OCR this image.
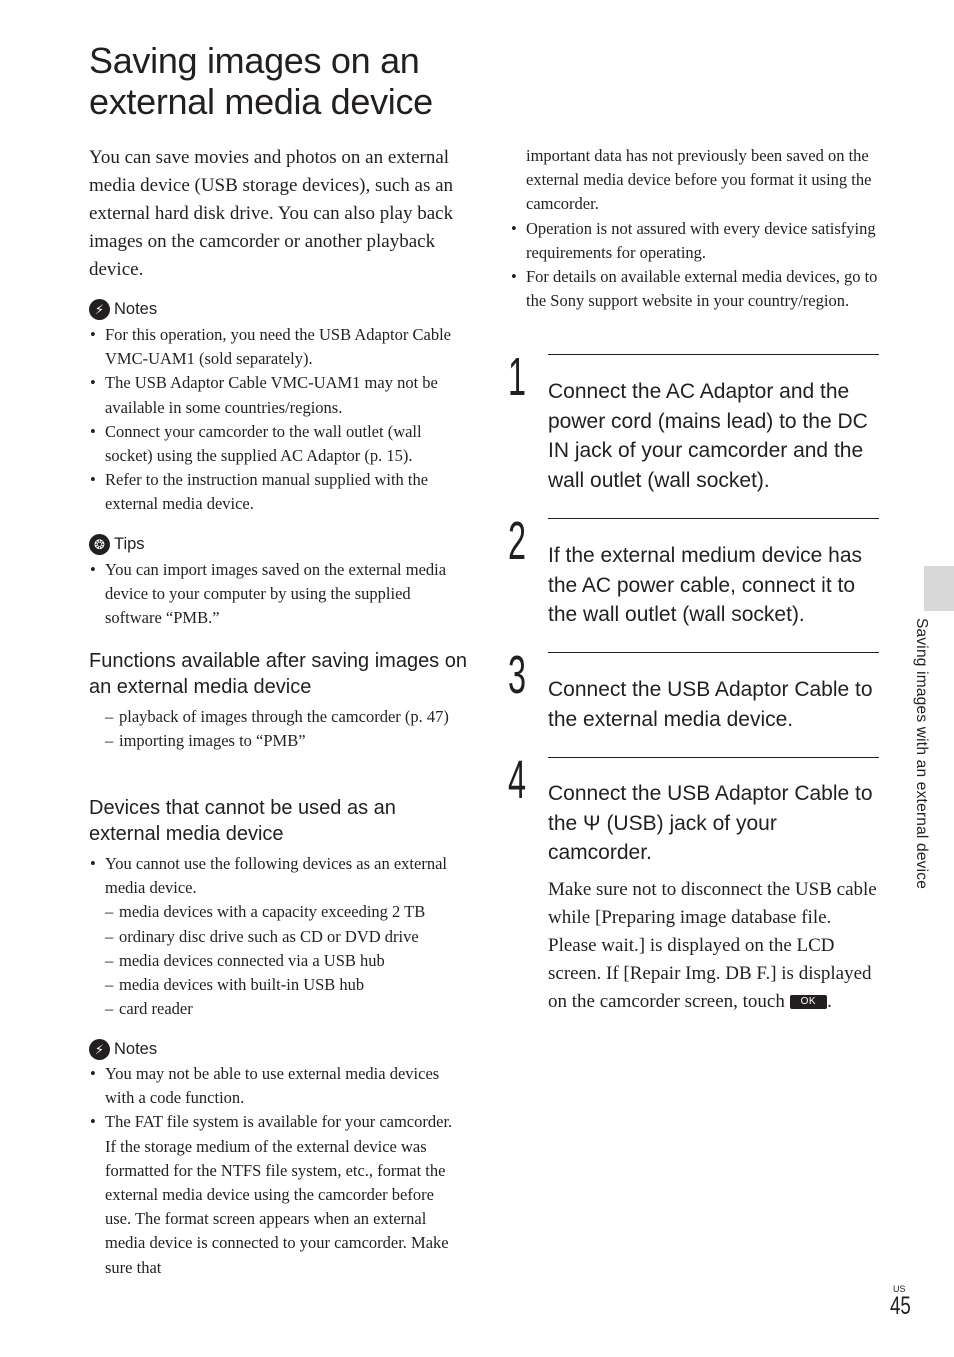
Saving images on an external media device

You can save movies and photos on an external media device (USB storage devices), such as an external hard disk drive. You can also play back images on the camcorder or another playback device.

⚡ Notes
• For this operation, you need the USB Adaptor Cable VMC-UAM1 (sold separately).
• The USB Adaptor Cable VMC-UAM1 may not be available in some countries/regions.
• Connect your camcorder to the wall outlet (wall socket) using the supplied AC Adaptor (p. 15).
• Refer to the instruction manual supplied with the external media device.
❂ Tips
• You can import images saved on the external media device to your computer by using the supplied software “PMB.”
Functions available after saving images on an external media device
– playback of images through the camcorder (p. 47)
– importing images to “PMB”
Devices that cannot be used as an external media device
• You cannot use the following devices as an external media device.
– media devices with a capacity exceeding 2 TB
– ordinary disc drive such as CD or DVD drive
– media devices connected via a USB hub
– media devices with built-in USB hub
– card reader
⚡ Notes
• You may not be able to use external media devices with a code function.
• The FAT file system is available for your camcorder. If the storage medium of the external device was formatted for the NTFS file system, etc., format the external media device using the camcorder before use. The format screen appears when an external media device is connected to your camcorder. Make sure that
important data has not previously been saved on the external media device before you format it using the camcorder.
• Operation is not assured with every device satisfying requirements for operating.
• For details on available external media devices, go to the Sony support website in your country/region.
1 Connect the AC Adaptor and the power cord (mains lead) to the DC IN jack of your camcorder and the wall outlet (wall socket).

2 If the external medium device has the AC power cable, connect it to the wall outlet (wall socket).

3 Connect the USB Adaptor Cable to the external media device.

4 Connect the USB Adaptor Cable to the Ψ (USB) jack of your camcorder.

Make sure not to disconnect the USB cable while [Preparing image database file. Please wait.] is displayed on the LCD screen. If [Repair Img. DB F.] is displayed on the camcorder screen, touch OK .

Saving images with an external device
US
45
